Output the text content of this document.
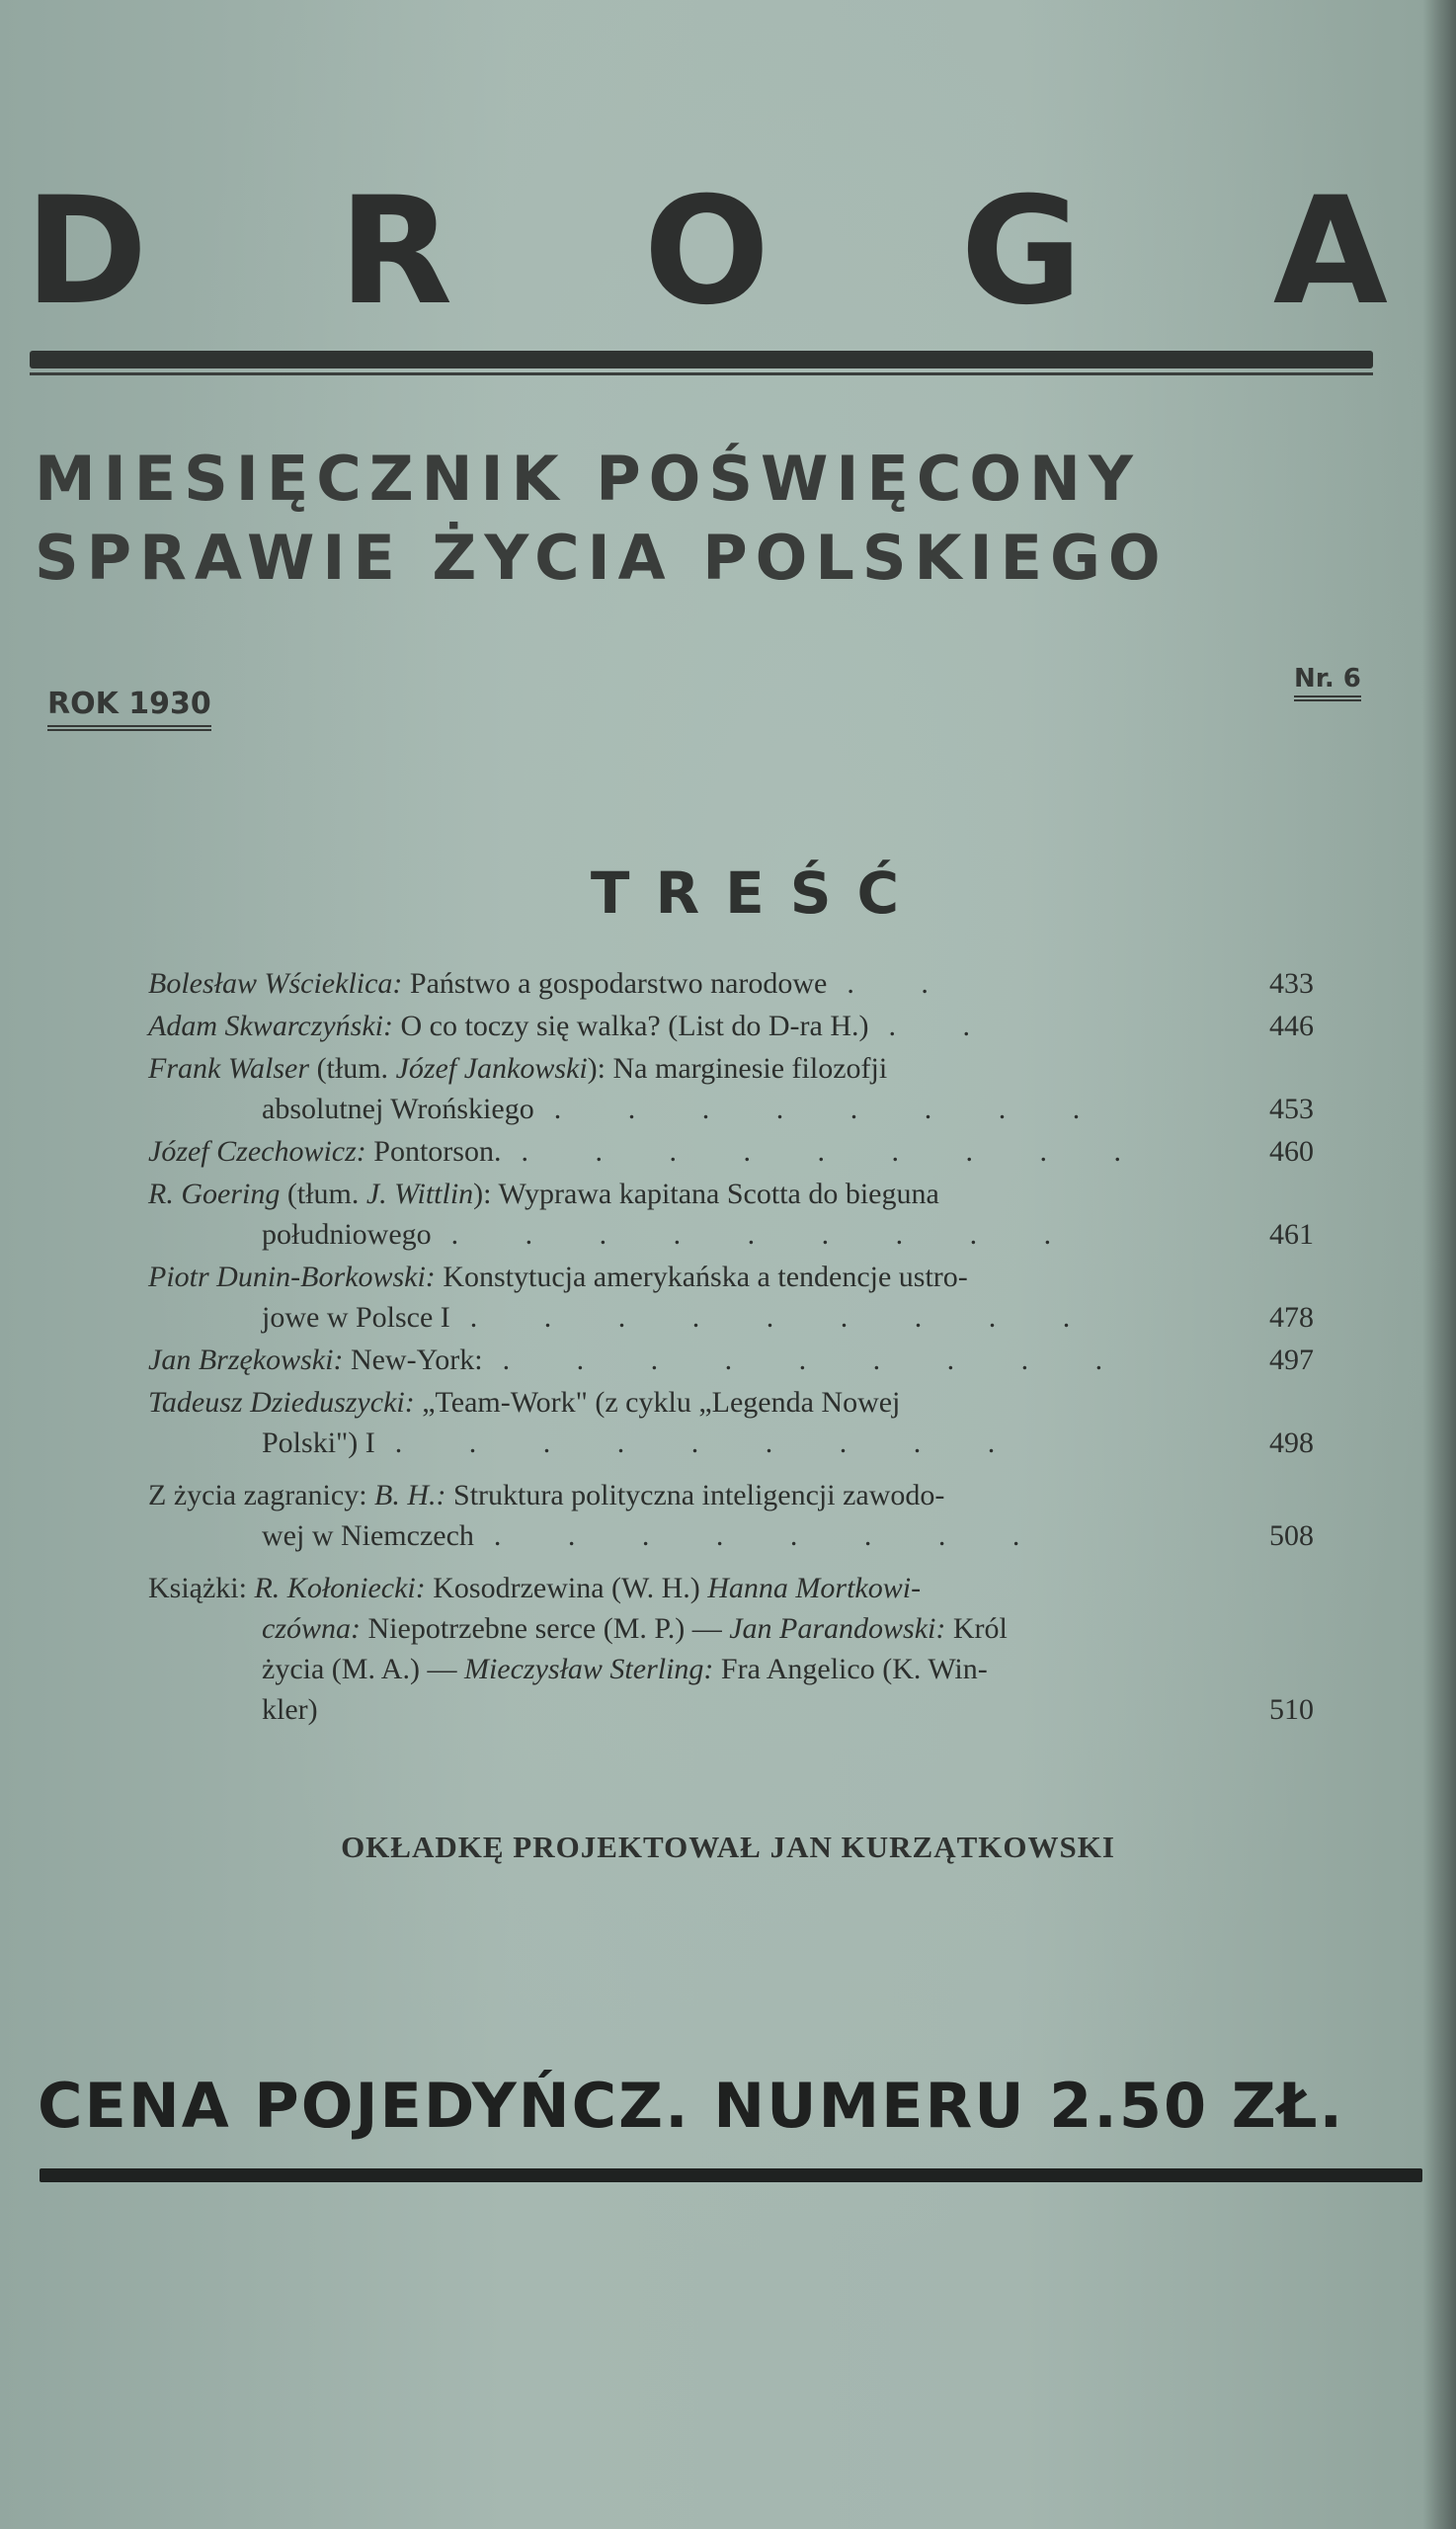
D R O G A
MIESIĘCZNIK POŚWIĘCONY
SPRAWIE ŻYCIA POLSKIEGO
ROK 1930
Nr. 6
TREŚĆ
Bolesław Wścieklica: Państwo a gospodarstwo narodowe . .	433
Adam Skwarczyński: O co toczy się walka? (List do D-ra H.) . .	446
Frank Walser (tłum. Józef Jankowski): Na marginesie filozofji
absolutnej Wrońskiego . . . . . . . .	453
Józef Czechowicz: Pontorson. . . . . . . . . .	460
R. Goering (tłum. J. Wittlin): Wyprawa kapitana Scotta do bieguna
południowego . . . . . . . . .	461
Piotr Dunin-Borkowski: Konstytucja amerykańska a tendencje ustro-
jowe w Polsce I . . . . . . . . .	478
Jan Brzękowski: New-York: . . . . . . . . .	497
Tadeusz Dzieduszycki: „Team-Work" (z cyklu „Legenda Nowej
Polski") I . . . . . . . . .	498
Z życia zagranicy: B. H.: Struktura polityczna inteligencji zawodo-
wej w Niemczech . . . . . . . .	508
Książki: R. Kołoniecki: Kosodrzewina (W. H.) Hanna Mortkowi-
czówna: Niepotrzebne serce (M. P.) — Jan Parandowski: Król
życia (M. A.) — Mieczysław Sterling: Fra Angelico (K. Win-
kler)	510
OKŁADKĘ PROJEKTOWAŁ JAN KURZĄTKOWSKI
CENA POJEDYŃCZ. NUMERU 2.50 ZŁ.
